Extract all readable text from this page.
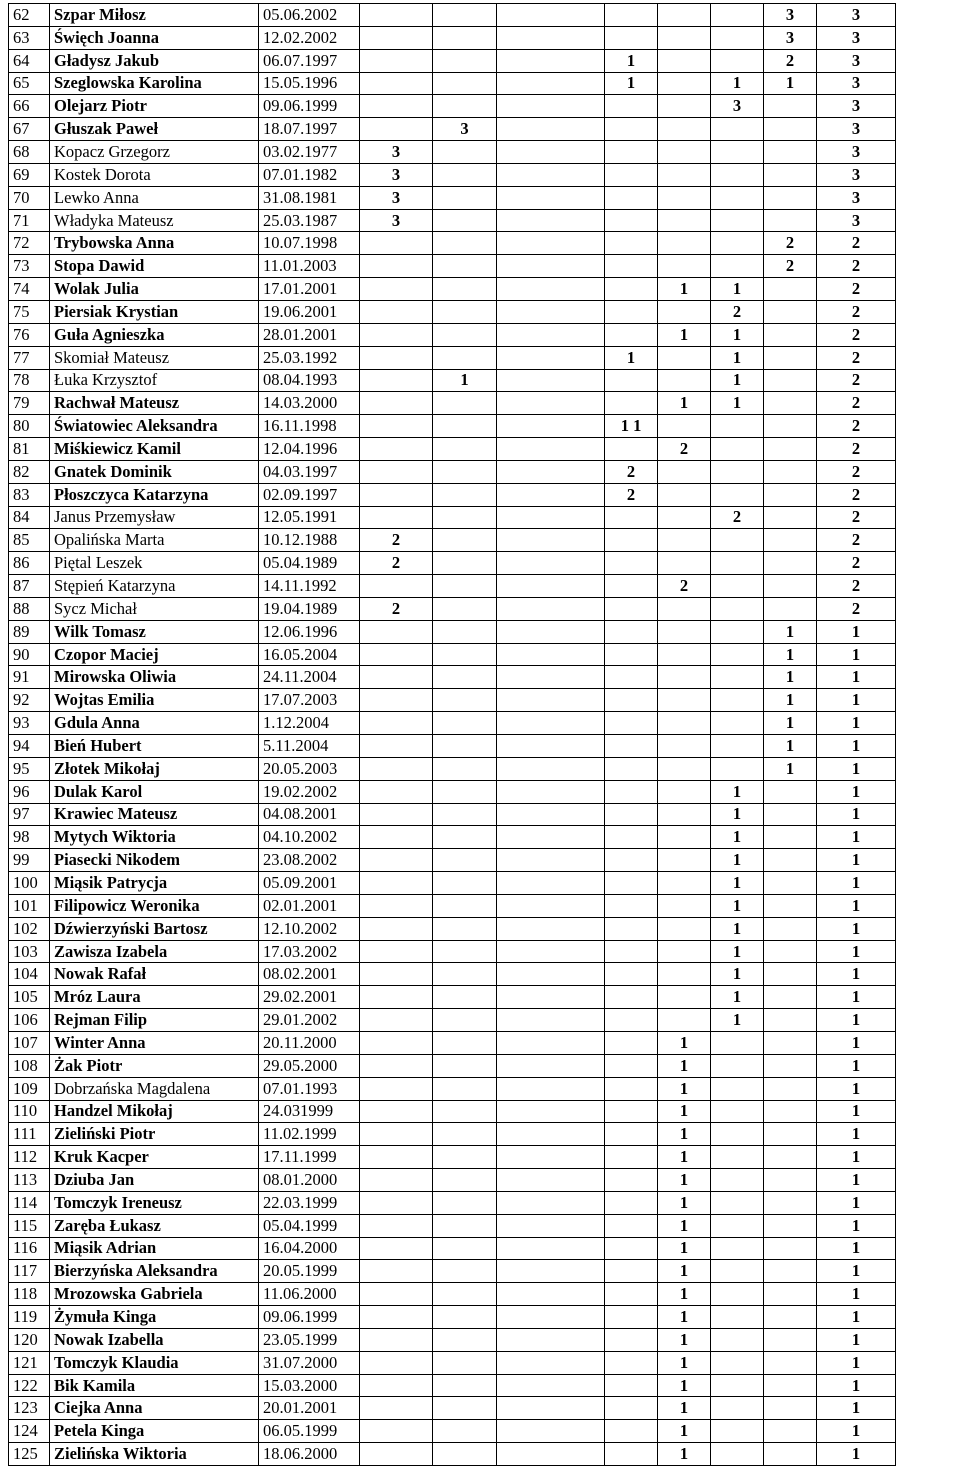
62	Szpar Miłosz	05.06.2002							3	3
63	Święch Joanna	12.02.2002							3	3
64	Gładysz Jakub	06.07.1997				1			2	3
65	Szeglowska Karolina	15.05.1996				1		1	1	3
66	Olejarz Piotr	09.06.1999						3		3
67	Głuszak Paweł	18.07.1997		3						3
68	Kopacz Grzegorz	03.02.1977	3							3
69	Kostek Dorota	07.01.1982	3							3
70	Lewko Anna	31.08.1981	3							3
71	Władyka Mateusz	25.03.1987	3							3
72	Trybowska Anna	10.07.1998							2	2
73	Stopa Dawid	11.01.2003							2	2
74	Wolak Julia	17.01.2001					1	1		2
75	Piersiak Krystian	19.06.2001						2		2
76	Guła Agnieszka	28.01.2001					1	1		2
77	Skomiał Mateusz	25.03.1992				1		1		2
78	Łuka Krzysztof	08.04.1993		1				1		2
79	Rachwał Mateusz	14.03.2000					1	1		2
80	Światowiec Aleksandra	16.11.1998				1 1				2
81	Miśkiewicz Kamil	12.04.1996					2			2
82	Gnatek Dominik	04.03.1997				2				2
83	Płoszczyca Katarzyna	02.09.1997				2				2
84	Janus Przemysław	12.05.1991						2		2
85	Opalińska Marta	10.12.1988	2							2
86	Piętal Leszek	05.04.1989	2							2
87	Stępień Katarzyna	14.11.1992					2			2
88	Sycz Michał	19.04.1989	2							2
89	Wilk Tomasz	12.06.1996							1	1
90	Czopor Maciej	16.05.2004							1	1
91	Mirowska Oliwia	24.11.2004							1	1
92	Wojtas Emilia	17.07.2003							1	1
93	Gdula Anna	1.12.2004							1	1
94	Bień Hubert	5.11.2004							1	1
95	Złotek Mikołaj	20.05.2003							1	1
96	Dulak Karol	19.02.2002						1		1
97	Krawiec Mateusz	04.08.2001						1		1
98	Mytych Wiktoria	04.10.2002						1		1
99	Piasecki Nikodem	23.08.2002						1		1
100	Miąsik Patrycja	05.09.2001						1		1
101	Filipowicz Weronika	02.01.2001						1		1
102	Dźwierzyński Bartosz	12.10.2002						1		1
103	Zawisza Izabela	17.03.2002						1		1
104	Nowak Rafał	08.02.2001						1		1
105	Mróz Laura	29.02.2001						1		1
106	Rejman Filip	29.01.2002						1		1
107	Winter Anna	20.11.2000					1			1
108	Żak Piotr	29.05.2000					1			1
109	Dobrzańska Magdalena	07.01.1993					1			1
110	Handzel Mikołaj	24.031999					1			1
111	Zieliński Piotr	11.02.1999					1			1
112	Kruk Kacper	17.11.1999					1			1
113	Dziuba Jan	08.01.2000					1			1
114	Tomczyk Ireneusz	22.03.1999					1			1
115	Zaręba Łukasz	05.04.1999					1			1
116	Miąsik Adrian	16.04.2000					1			1
117	Bierzyńska Aleksandra	20.05.1999					1			1
118	Mrozowska Gabriela	11.06.2000					1			1
119	Żymuła Kinga	09.06.1999					1			1
120	Nowak Izabella	23.05.1999					1			1
121	Tomczyk Klaudia	31.07.2000					1			1
122	Bik Kamila	15.03.2000					1			1
123	Ciejka Anna	20.01.2001					1			1
124	Petela Kinga	06.05.1999					1			1
125	Zielińska Wiktoria	18.06.2000					1			1
